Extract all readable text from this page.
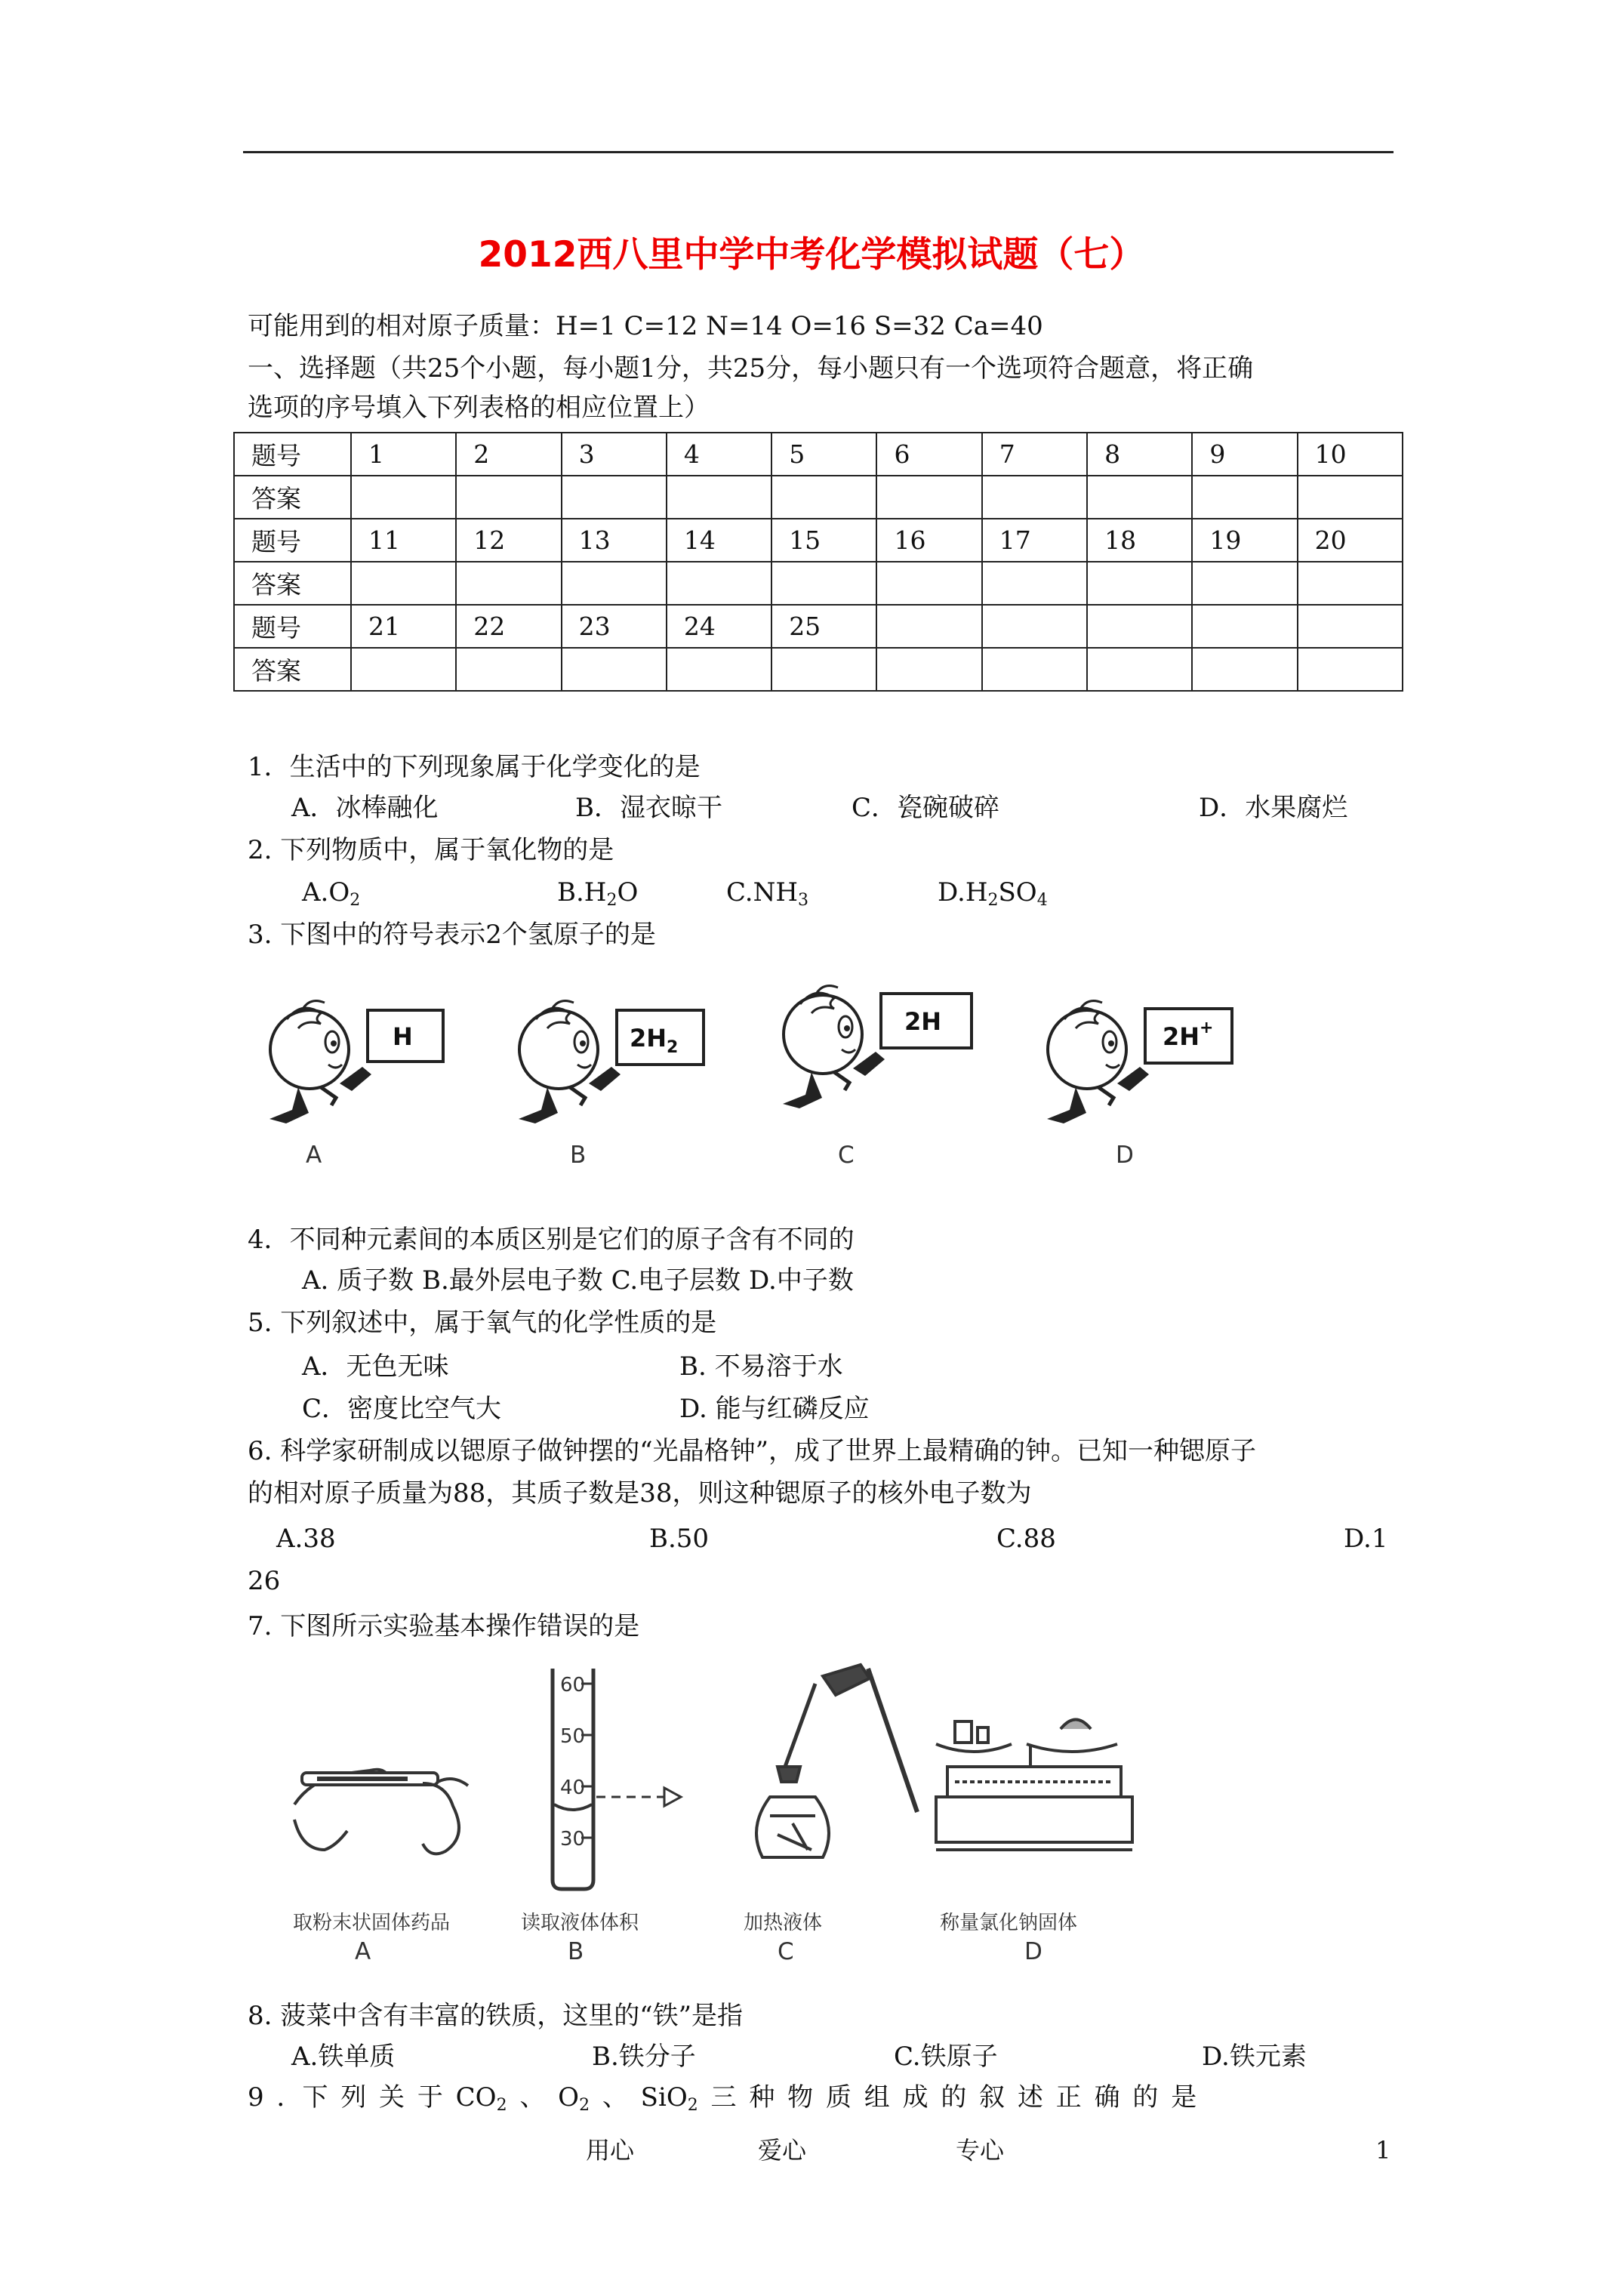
2012西八里中学中考化学模拟试题（七）
可能用到的相对原子质量：H=1 C=12 N=14 O=16 S=32 Ca=40
一、选择题（共25个小题，每小题1分，共25分，每小题只有一个选项符合题意，将正确
选项的序号填入下列表格的相应位置上）
题号	1	2	3	4	5	6	7	8	9	10
答案										
题号	11	12	13	14	15	16	17	18	19	20
答案										
题号	21	22	23	24	25					
答案										
1．生活中的下列现象属于化学变化的是
A．冰棒融化	B．湿衣晾干	C．瓷碗破碎	D．水果腐烂
2. 下列物质中，属于氧化物的是
$A.O_2$	$B.H_2O$	$C.NH_3$	$D.H_2SO_4$
3. 下图中的符号表示2个氢原子的是
H
A
$2H_2$
B
2H
C
2H+
D
4．不同种元素间的本质区别是它们的原子含有不同的
A. 质子数 B.最外层电子数 C.电子层数 D.中子数
5. 下列叙述中，属于氧气的化学性质的是
A．无色无味	B. 不易溶于水
C．密度比空气大	D. 能与红磷反应
6. 科学家研制成以锶原子做钟摆的“光晶格钟”，成了世界上最精确的钟。已知一种锶原子
的相对原子质量为88，其质子数是38，则这种锶原子的核外电子数为
A.38	B.50	C.88	D.1
26
7. 下图所示实验基本操作错误的是
取粉末状固体药品
A
60
50
40
30
读取液体体积
B
加热液体
C
称量氯化钠固体
D
8. 菠菜中含有丰富的铁质，这里的“铁”是指
A.铁单质	B.铁分子	C.铁原子	D.铁元素
9 ．下 列 关 于 $CO_2$ 、 $O_2$ 、 SiO$_2$ 三 种 物 质 组 成 的 叙 述 正 确 的 是
用心	爱心	专心	1
